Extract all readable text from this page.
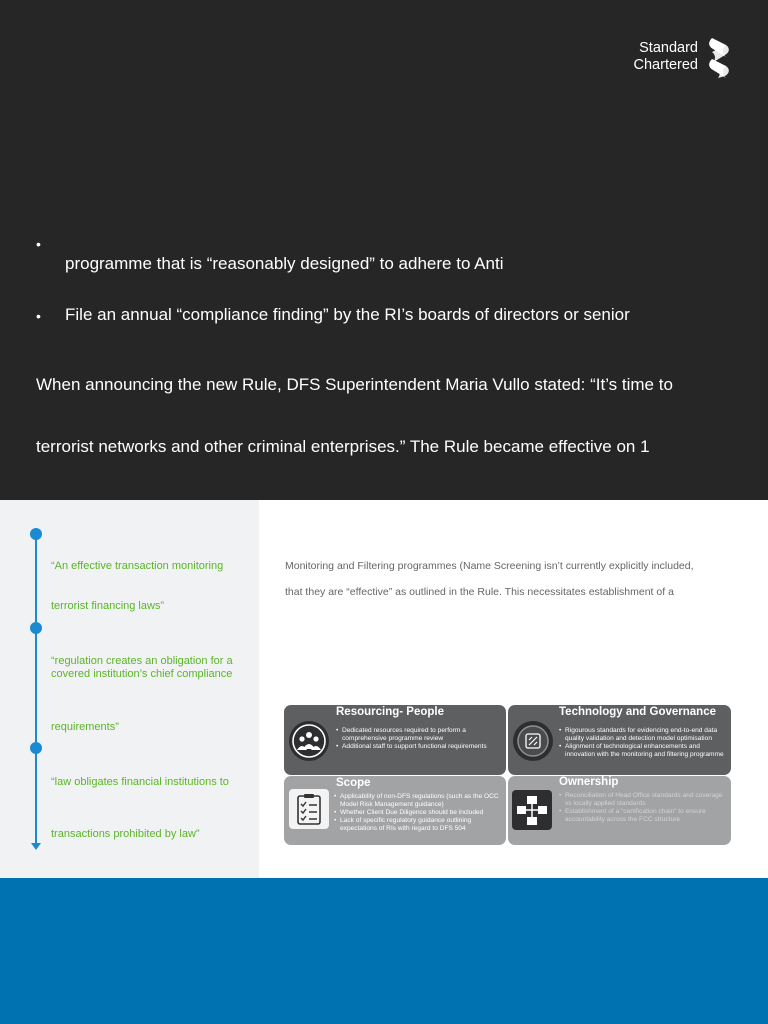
Standard
Chartered
•
programme that is “reasonably designed” to adhere to Anti
• File an annual “compliance finding” by the RI’s boards of directors or senior
When announcing the new Rule, DFS Superintendent Maria Vullo stated: “It’s time to
terrorist networks and other criminal enterprises.” The Rule became effective on 1
“An effective transaction monitoring
terrorist financing laws”
“regulation creates an obligation for a covered institution’s chief compliance
requirements”
“law obligates financial institutions to
transactions prohibited by law”
Monitoring and Filtering programmes (Name Screening isn’t currently explicitly included,
that they are “effective” as outlined in the Rule. This necessitates establishment of a
Resourcing- People
• Dedicated resources required to perform a comprehensive programme review
• Additional staff to support functional requirements
Technology and Governance
• Rigourous standards for evidencing end-to-end data quality validation and detection model optimisation
• Alignment of technological enhancements and innovation with the monitoring and filtering programme
Scope
• Applicability of non-DFS regulations (such as the OCC Model Risk Management guidance)
• Whether Client Due Diligence should be included
• Lack of specific regulatory guidance outlining expectations of RIs with regard to DFS 504
Ownership
• Reconciliation of Head Office standards and coverage vs locally applied standards
• Establishment of a “certification chain” to ensure accountability across the FCC structure
